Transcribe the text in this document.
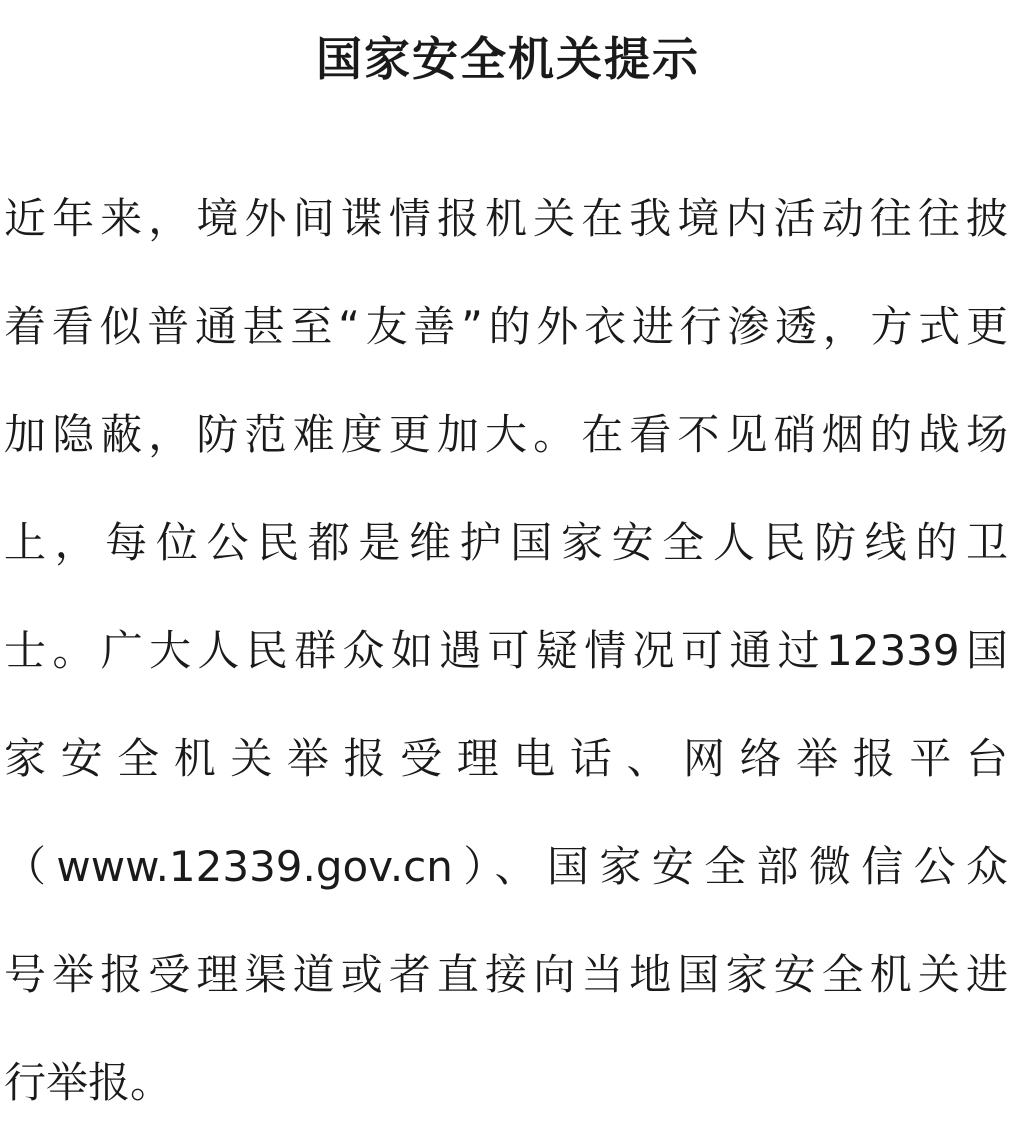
国家安全机关提示
近年来，境外间谍情报机关在我境内活动往往披
着看似普通甚至“友善”的外衣进行渗透，方式更
加隐蔽，防范难度更加大。在看不见硝烟的战场
上，每位公民都是维护国家安全人民防线的卫
士。广大人民群众如遇可疑情况可通过12339国
家安全机关举报受理电话、网络举报平台
（www.12339.gov.cn）、国家安全部微信公众
号举报受理渠道或者直接向当地国家安全机关进
行举报。
